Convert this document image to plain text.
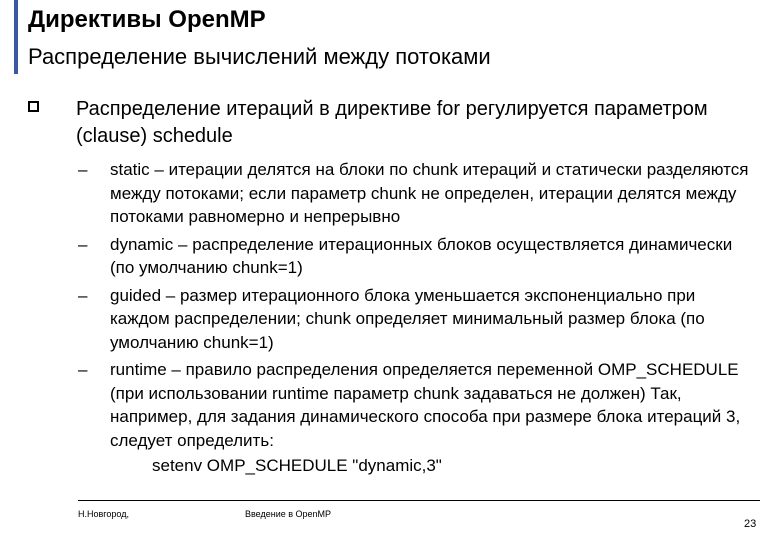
Директивы OpenMP
Распределение вычислений между потоками
Распределение итераций в директиве for регулируется параметром (clause) schedule
– static – итерации делятся на блоки по chunk итераций и статически разделяются между потоками; если параметр chunk не определен, итерации делятся между потоками равномерно и непрерывно
– dynamic – распределение итерационных блоков осуществляется динамически (по умолчанию chunk=1)
– guided – размер итерационного блока уменьшается экспоненциально при каждом распределении; chunk определяет минимальный размер блока (по умолчанию chunk=1)
– runtime – правило распределения определяется переменной OMP_SCHEDULE (при использовании runtime параметр chunk задаваться не должен) Так, например, для задания динамического способа при размере блока итераций 3, следует определить:
setenv OMP_SCHEDULE "dynamic,3"
Н.Новгород,	Введение в OpenMP
23
